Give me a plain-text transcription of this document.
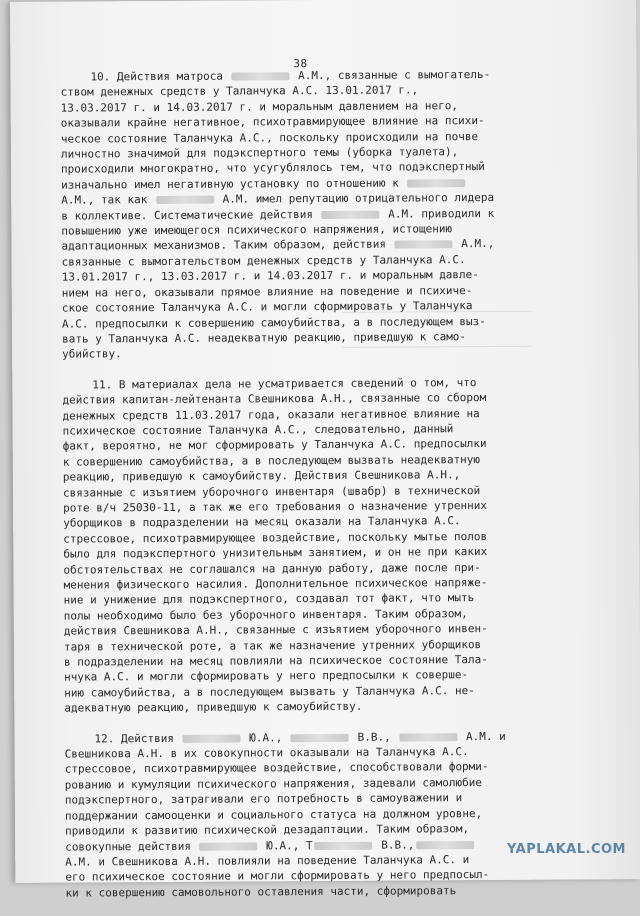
38
10. Действия матроса	А.М., связанные с вымогатель-
ством денежных средств у Таланчука А.С. 13.01.2017 г.,
13.03.2017 г. и 14.03.2017 г. и моральным давлением на него,
оказывали крайне негативное, психотравмирующее влияние на психи-
ческое состояние Таланчука А.С., поскольку происходили на почве
личностно значимой для подэкспертного темы (уборка туалета),
происходили многократно, что усугублялось тем, что подэкспертный
изначально имел негативную установку по отношению к
А.М., так как	А.М. имел репутацию отрицательного лидера
в коллективе. Систематические действия	А.М. приводили к
повышению уже имеющегося психического напряжения, истощению
адаптационных механизмов. Таким образом, действия	А.М.,
связанные с вымогательством денежных средств у Таланчука А.С.
13.01.2017 г., 13.03.2017 г. и 14.03.2017 г. и моральным давле-
нием на него, оказывали прямое влияние на поведение и психиче-
ское состояние Таланчука А.С. и могли сформировать у Таланчука
А.С. предпосылки к совершению самоубийства, а в последующем выз-
вать у Таланчука А.С. неадекватную реакцию, приведшую к само-
убийству.
11. В материалах дела не усматривается сведений о том, что
действия капитан-лейтенанта Свешникова А.Н., связанные со сбором
денежных средств 11.03.2017 года, оказали негативное влияние на
психическое состояние Таланчука А.С., следовательно, данный
факт, вероятно, не мог сформировать у Таланчука А.С. предпосылки
к совершению самоубийства, а в последующем вызвать неадекватную
реакцию, приведшую к самоубийству. Действия Свешникова А.Н.,
связанные с изъятием уборочного инвентаря (швабр) в технической
роте в/ч 25030-11, а так же его требования о назначение утренних
уборщиков в подразделении на месяц оказали на Таланчука А.С.
стрессовое, психотравмирующее воздействие, поскольку мытье полов
было для подэкспертного унизительным занятием, и он не при каких
обстоятельствах не соглашался на данную работу, даже после при-
менения физического насилия. Дополнительное психическое напряже-
ние и унижение для подэкспертного, создавал тот факт, что мыть
полы необходимо было без уборочного инвентаря. Таким образом,
действия Свешникова А.Н., связанные с изъятием уборочного инвен-
таря в технической роте, а так же назначение утренних уборщиков
в подразделении на месяц повлияли на психическое состояние Тала-
нчука А.С. и могли сформировать у него предпосылки к соверше-
нию самоубийства, а в последующем вызвать у Таланчука А.С. не-
адекватную реакцию, приведшую к самоубийству.
12. Действия	Ю.А.,	В.В.,	А.М. и
Свешникова А.Н. в их совокупности оказывали на Таланчука А.С.
стрессовое, психотравмирующее воздействие, способствовали форми-
рованию и кумуляции психического напряжения, задевали самолюбие
подэкспертного, затрагивали его потребность в самоуважении и
поддержании самооценки и социального статуса на должном уровне,
приводили к развитию психической дезадаптации. Таким образом,
совокупные действия	Ю.А., Т	В.В.,
А.М. и Свешникова А.Н. повлияли на поведение Таланчука А.С. и
его психическое состояние и могли сформировать у него предпосыл-
ки к совершению самовольного оставления части, сформировать
YAPLAKAL.COM
